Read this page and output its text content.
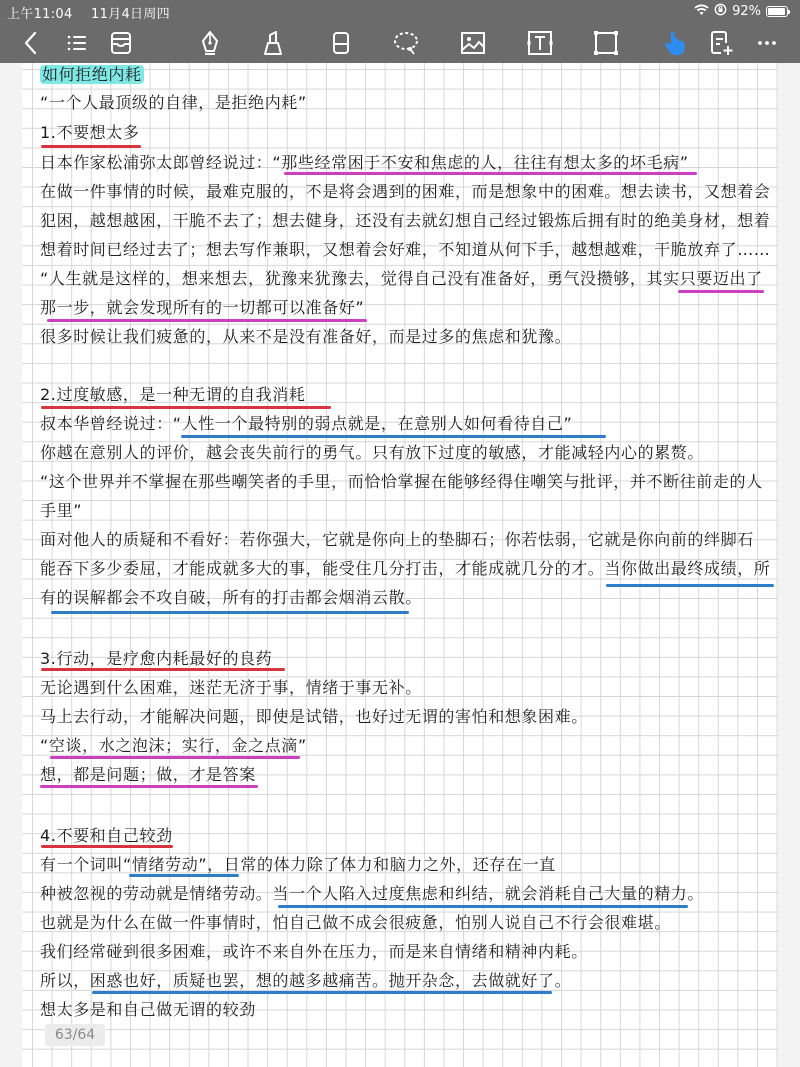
上午11:04 11月4日周四	92%
如何拒绝内耗
“一个人最顶级的自律，是拒绝内耗”
1.不要想太多
日本作家松浦弥太郎曾经说过：“那些经常困于不安和焦虑的人，往往有想太多的坏毛病”
在做一件事情的时候，最难克服的，不是将会遇到的困难，而是想象中的困难。想去读书，又想着会
犯困，越想越困，干脆不去了；想去健身，还没有去就幻想自己经过锻炼后拥有时的绝美身材，想着
想着时间已经过去了；想去写作兼职，又想着会好难，不知道从何下手，越想越难，干脆放弃了……
“人生就是这样的，想来想去，犹豫来犹豫去，觉得自己没有准备好，勇气没攒够，其实只要迈出了
那一步，就会发现所有的一切都可以准备好”
很多时候让我们疲惫的，从来不是没有准备好，而是过多的焦虑和犹豫。
2.过度敏感，是一种无谓的自我消耗
叔本华曾经说过：“人性一个最特别的弱点就是，在意别人如何看待自己”
你越在意别人的评价，越会丧失前行的勇气。只有放下过度的敏感，才能减轻内心的累赘。
“这个世界并不掌握在那些嘲笑者的手里，而恰恰掌握在能够经得住嘲笑与批评，并不断往前走的人
手里”
面对他人的质疑和不看好：若你强大，它就是你向上的垫脚石；你若怯弱，它就是你向前的绊脚石
能吞下多少委屈，才能成就多大的事，能受住几分打击，才能成就几分的才。当你做出最终成绩，所
有的误解都会不攻自破，所有的打击都会烟消云散。
3.行动，是疗愈内耗最好的良药
无论遇到什么困难，迷茫无济于事，情绪于事无补。
马上去行动，才能解决问题，即使是试错，也好过无谓的害怕和想象困难。
“空谈，水之泡沫；实行，金之点滴”
想，都是问题；做，才是答案
4.不要和自己较劲
有一个词叫“情绪劳动”，日常的体力除了体力和脑力之外，还存在一直
种被忽视的劳动就是情绪劳动。当一个人陷入过度焦虑和纠结，就会消耗自己大量的精力。
也就是为什么在做一件事情时，怕自己做不成会很疲惫，怕别人说自己不行会很难堪。
我们经常碰到很多困难，或许不来自外在压力，而是来自情绪和精神内耗。
所以，困惑也好，质疑也罢，想的越多越痛苦。抛开杂念，去做就好了。
想太多是和自己做无谓的较劲
63/64
